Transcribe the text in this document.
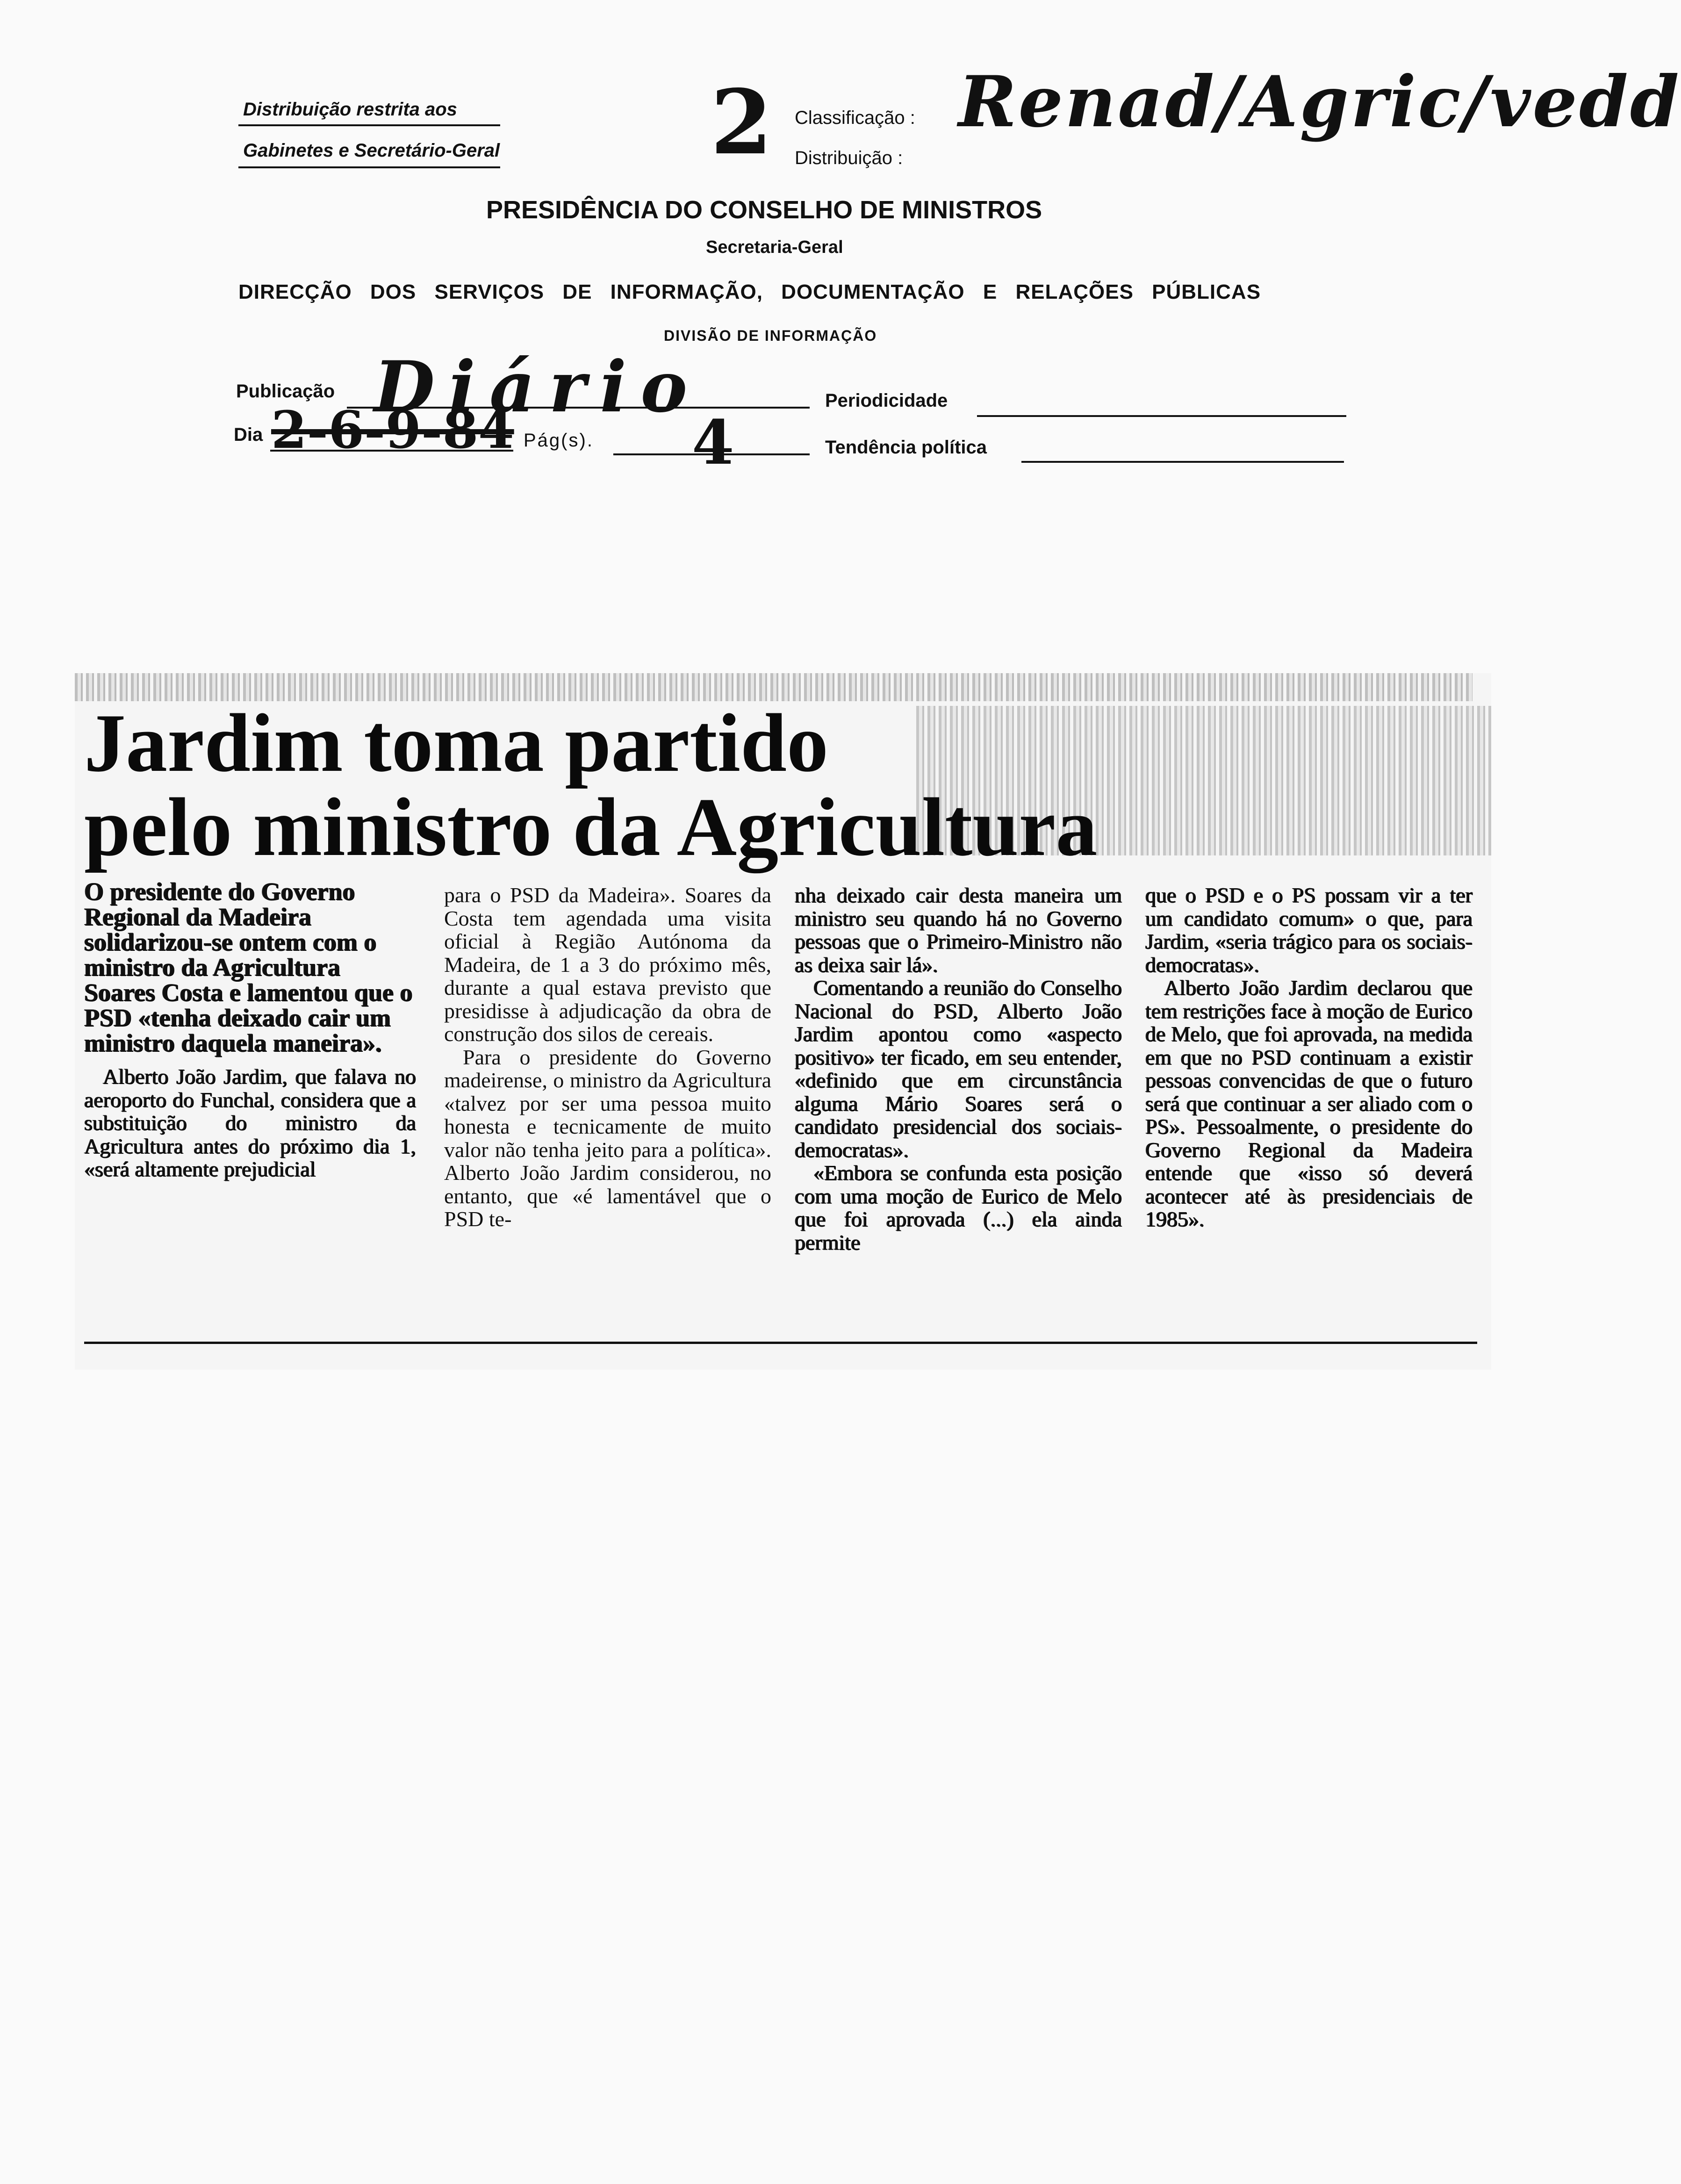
Distribuição restrita aos
Gabinetes e Secretário-Geral 2 Classificação :
Distribuição :
Renad/Agric/vedd
PRESIDÊNCIA DO CONSELHO DE MINISTROS
Secretaria-Geral
DIRECÇÃO DOS SERVIÇOS DE INFORMAÇÃO, DOCUMENTAÇÃO E RELAÇÕES PÚBLICAS
DIVISÃO DE INFORMAÇÃO
Publicação Diário
Dia 2-6-9-84 Pág(s). 4
Periodicidade
Tendência política
Jardim toma partido
pelo ministro da Agricultura

O presidente do Governo Regional da Madeira solidarizou-se ontem com o ministro da Agricultura Soares Costa e lamentou que o PSD «tenha deixado cair um ministro daquela maneira».

Alberto João Jardim, que falava no aeroporto do Funchal, considera que a substituição do ministro da Agricultura antes do próximo dia 1, «será altamente prejudicial

para o PSD da Madeira». Soares da Costa tem agendada uma visita oficial à Região Autónoma da Madeira, de 1 a 3 do próximo mês, durante a qual estava previsto que presidisse à adjudicação da obra de construção dos silos de cereais.

Para o presidente do Governo madeirense, o ministro da Agricultura «talvez por ser uma pessoa muito honesta e tecnicamente de muito valor não tenha jeito para a política». Alberto João Jardim considerou, no entanto, que «é lamentável que o PSD te-

nha deixado cair desta maneira um ministro seu quando há no Governo pessoas que o Primeiro-Ministro não as deixa sair lá».

Comentando a reunião do Conselho Nacional do PSD, Alberto João Jardim apontou como «aspecto positivo» ter ficado, em seu entender, «definido que em circunstância alguma Mário Soares será o candidato presidencial dos sociais-democratas».

«Embora se confunda esta posição com uma moção de Eurico de Melo que foi aprovada (...) ela ainda permite

que o PSD e o PS possam vir a ter um candidato comum» o que, para Jardim, «seria trágico para os sociais-democratas».

Alberto João Jardim declarou que tem restrições face à moção de Eurico de Melo, que foi aprovada, na medida em que no PSD continuam a existir pessoas convencidas de que o futuro será que continuar a ser aliado com o PS». Pessoalmente, o presidente do Governo Regional da Madeira entende que «isso só deverá acontecer até às presidenciais de 1985».
